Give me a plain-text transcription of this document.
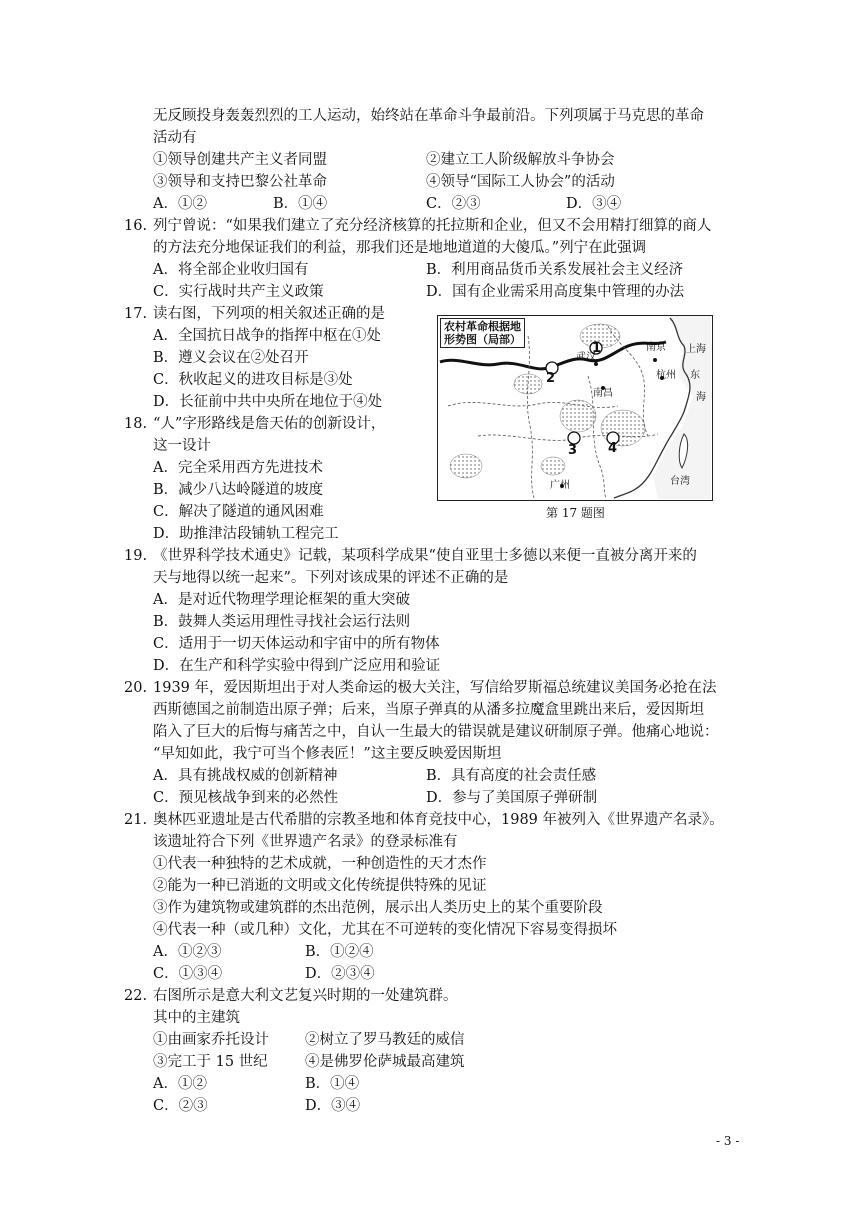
无反顾投身轰轰烈烈的工人运动，始终站在革命斗争最前沿。下列项属于马克思的革命
活动有
①领导创建共产主义者同盟	②建立工人阶级解放斗争协会
③领导和支持巴黎公社革命	④领导“国际工人协会”的活动
A．①②	B．①④	C．②③	D．③④
16. 列宁曾说：“如果我们建立了充分经济核算的托拉斯和企业，但又不会用精打细算的商人
的方法充分地保证我们的利益，那我们还是地地道道的大傻瓜。”列宁在此强调
A．将全部企业收归国有	B．利用商品货币关系发展社会主义经济
C．实行战时共产主义政策	D．国有企业需采用高度集中管理的办法
17. 读右图，下列项的相关叙述正确的是
A．全国抗日战争的指挥中枢在①处
B．遵义会议在②处召开
C．秋收起义的进攻目标是③处
D．长征前中共中央所在地位于④处
农村革命根据地
形势图（局部）
武汉
南京 上海
杭州 东
海
南昌
广州	台湾
1
2
3 4
第 17 题图
18. “人”字形路线是詹天佑的创新设计，
这一设计
A．完全采用西方先进技术
B．减少八达岭隧道的坡度
C．解决了隧道的通风困难
D．助推津沽段铺轨工程完工
19. 《世界科学技术通史》记载，某项科学成果“使自亚里士多德以来便一直被分离开来的
天与地得以统一起来”。下列对该成果的评述不正确的是
A．是对近代物理学理论框架的重大突破
B．鼓舞人类运用理性寻找社会运行法则
C．适用于一切天体运动和宇宙中的所有物体
D．在生产和科学实验中得到广泛应用和验证
20. 1939 年，爱因斯坦出于对人类命运的极大关注，写信给罗斯福总统建议美国务必抢在法
西斯德国之前制造出原子弹；后来，当原子弹真的从潘多拉魔盒里跳出来后，爱因斯坦
陷入了巨大的后悔与痛苦之中，自认一生最大的错误就是建议研制原子弹。他痛心地说：
“早知如此，我宁可当个修表匠！”这主要反映爱因斯坦
A．具有挑战权威的创新精神	B．具有高度的社会责任感
C．预见核战争到来的必然性	D．参与了美国原子弹研制
21. 奥林匹亚遗址是古代希腊的宗教圣地和体育竞技中心，1989 年被列入《世界遗产名录》。
该遗址符合下列《世界遗产名录》的登录标准有
①代表一种独特的艺术成就，一种创造性的天才杰作
②能为一种已消逝的文明或文化传统提供特殊的见证
③作为建筑物或建筑群的杰出范例，展示出人类历史上的某个重要阶段
④代表一种（或几种）文化，尤其在不可逆转的变化情况下容易变得损坏
A．①②③	B．①②④
C．①③④	D．②③④
22. 右图所示是意大利文艺复兴时期的一处建筑群。
其中的主建筑
①由画家乔托设计 ②树立了罗马教廷的威信
③完工于 15 世纪	④是佛罗伦萨城最高建筑
A．①②	B．①④
C．②③	D．③④
- 3 -
